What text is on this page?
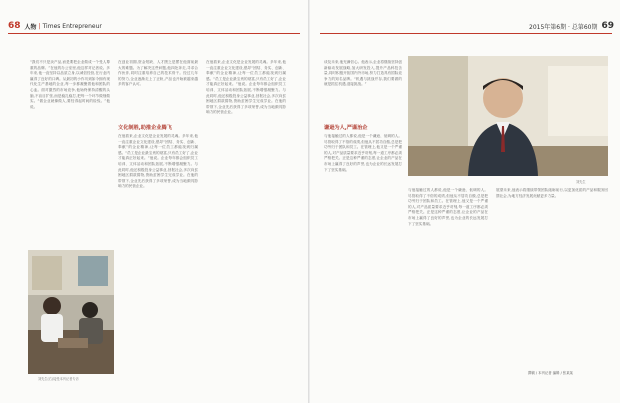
68 人物 | Times Entrepreneur
“我们不只是卖产品,而是要把企业做成一个受人尊重的品牌。”在他的办公室里,他这样对记者说。多年来,他一直坚持以品质立身,以诚信经营,在行业内赢得了良好的口碑。从最初的小作坊到如今拥有现代化生产基地的企业,每一步都凝聚着他和团队的心血。面对激烈的市场竞争,他始终保持清醒的头脑,不盲目扩张,而是稳扎稳打,把每一个环节做细做实。“做企业就像做人,要经得起时间的检验。”他说。
在创业初期,资金短缺、人才匮乏是摆在他面前最大的难题。为了解决这些问题,他四处奔走,寻求合作伙伴,同时注重培养自己的技术骨干。经过几年的努力,企业逐渐走上了正轨,产品也开始被越来越多的客户认可。
文化制胜,助推企业腾飞
在他看来,企业文化是企业发展的灵魂。多年来,他一直注重企业文化建设,倡导“团结、务实、创新、奉献”的企业精神,让每一位员工都能找到归属感。“员工是企业最宝贵的财富,只有员工好了,企业才能真正好起来。”他说。企业每年都会组织员工培训、文体活动和团队拓展,不断增强凝聚力。与此同时,他还积极投身公益事业,回报社会,多次向贫困地区捐款捐物,资助贫困学生完成学业。在他的带领下,企业先后获得了多项荣誉,成为当地颇具影响力的民营企业。
在他看来,企业文化是企业发展的灵魂。多年来,他一直注重企业文化建设,倡导“团结、务实、创新、奉献”的企业精神,让每一位员工都能找到归属感。“员工是企业最宝贵的财富,只有员工好了,企业才能真正好起来。”他说。企业每年都会组织员工培训、文体活动和团队拓展,不断增强凝聚力。与此同时,他还积极投身公益事业,回报社会,多次向贫困地区捐款捐物,资助贫困学生完成学业。在他的带领下,企业先后获得了多项荣誉,成为当地颇具影响力的民营企业。
刘先生(右)接受本刊记者专访
2015年第6期 · 总第60期 69
谈及未来,他充满信心。他表示,企业将继续坚持创新驱动发展战略,加大研发投入,提升产品科技含量,同时积极开拓国内外市场,努力打造具有国际竞争力的知名品牌。“机遇与挑战并存,我们要做的就是抓住机遇,迎接挑战。”
刘先生
谦逊为人,严谨治企
与他接触过的人都说,他是一个谦逊、低调的人。尽管取得了不俗的成绩,但他从不居功自傲,总是把功劳归于团队和员工。在管理上,他又是一个严谨的人,对产品质量要求近乎苛刻,每一道工序都必须严格把关。正是这种严谨的态度,让企业的产品在市场上赢得了良好的声誉,也为企业的长远发展打下了坚实基础。
与他接触过的人都说,他是一个谦逊、低调的人。尽管取得了不俗的成绩,但他从不居功自傲,总是把功劳归于团队和员工。在管理上,他又是一个严谨的人,对产品质量要求近乎苛刻,每一道工序都必须严格把关。正是这种严谨的态度,让企业的产品在市场上赢得了良好的声誉,也为企业的长远发展打下了坚实基础。
展望未来,他表示将继续带领团队砥砺前行,以更加优质的产品和服务回馈社会,为地方经济发展贡献更多力量。
撰稿 / 本刊记者 编辑 / 张某某
